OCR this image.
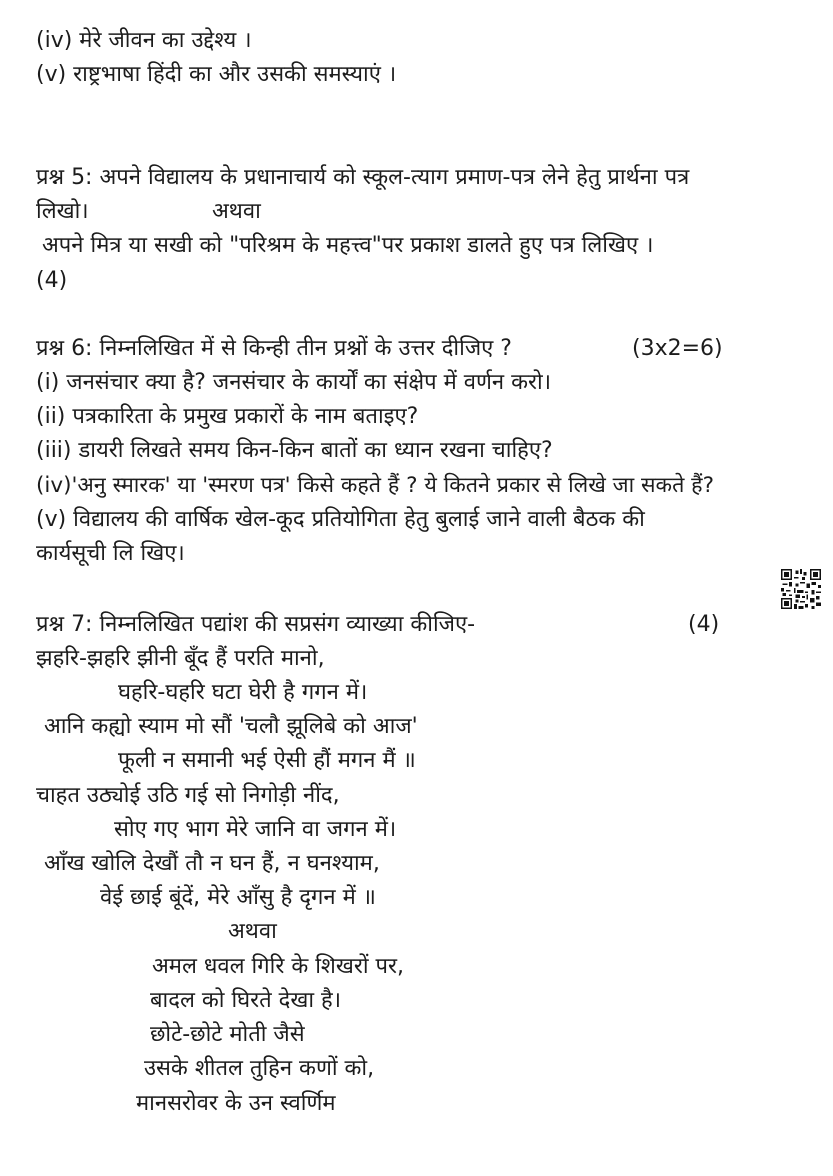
(iv) मेरे जीवन का उद्देश्य ।
(v) राष्ट्रभाषा हिंदी का और उसकी समस्याएं ।
प्रश्न 5: अपने विद्यालय के प्रधानाचार्य को स्कूल-त्याग प्रमाण-पत्र लेने हेतु प्रार्थना पत्र
लिखो।	अथवा
अपने मित्र या सखी को "परिश्रम के महत्त्व"पर प्रकाश डालते हुए पत्र लिखिए ।
(4)
प्रश्न 6: निम्नलिखित में से किन्ही तीन प्रश्नों के उत्तर दीजिए ?	(3x2=6)
(i) जनसंचार क्या है? जनसंचार के कार्यों का संक्षेप में वर्णन करो।
(ii) पत्रकारिता के प्रमुख प्रकारों के नाम बताइए?
(iii) डायरी लिखते समय किन-किन बातों का ध्यान रखना चाहिए?
(iv)'अनु स्मारक' या 'स्मरण पत्र' किसे कहते हैं ? ये कितने प्रकार से लिखे जा सकते हैं?
(v) विद्यालय की वार्षिक खेल-कूद प्रतियोगिता हेतु बुलाई जाने वाली बैठक की
कार्यसूची लि खिए।
प्रश्न 7: निम्नलिखित पद्यांश की सप्रसंग व्याख्या कीजिए-	(4)
झहरि-झहरि झीनी बूँद हैं परति मानो,
घहरि-घहरि घटा घेरी है गगन में।
आनि कह्यो स्याम मो सौं 'चलौ झूलिबे को आज'
फूली न समानी भई ऐसी हौं मगन मैं ॥
चाहत उठ्योई उठि गई सो निगोड़ी नींद,
सोए गए भाग मेरे जानि वा जगन में।
आँख खोलि देखौं तौ न घन हैं, न घनश्याम,
वेई छाई बूंदें, मेरे आँसु है दृगन में ॥
अथवा
अमल धवल गिरि के शिखरों पर,
बादल को घिरते देखा है।
छोटे-छोटे मोती जैसे
उसके शीतल तुहिन कणों को,
मानसरोवर के उन स्वर्णिम
